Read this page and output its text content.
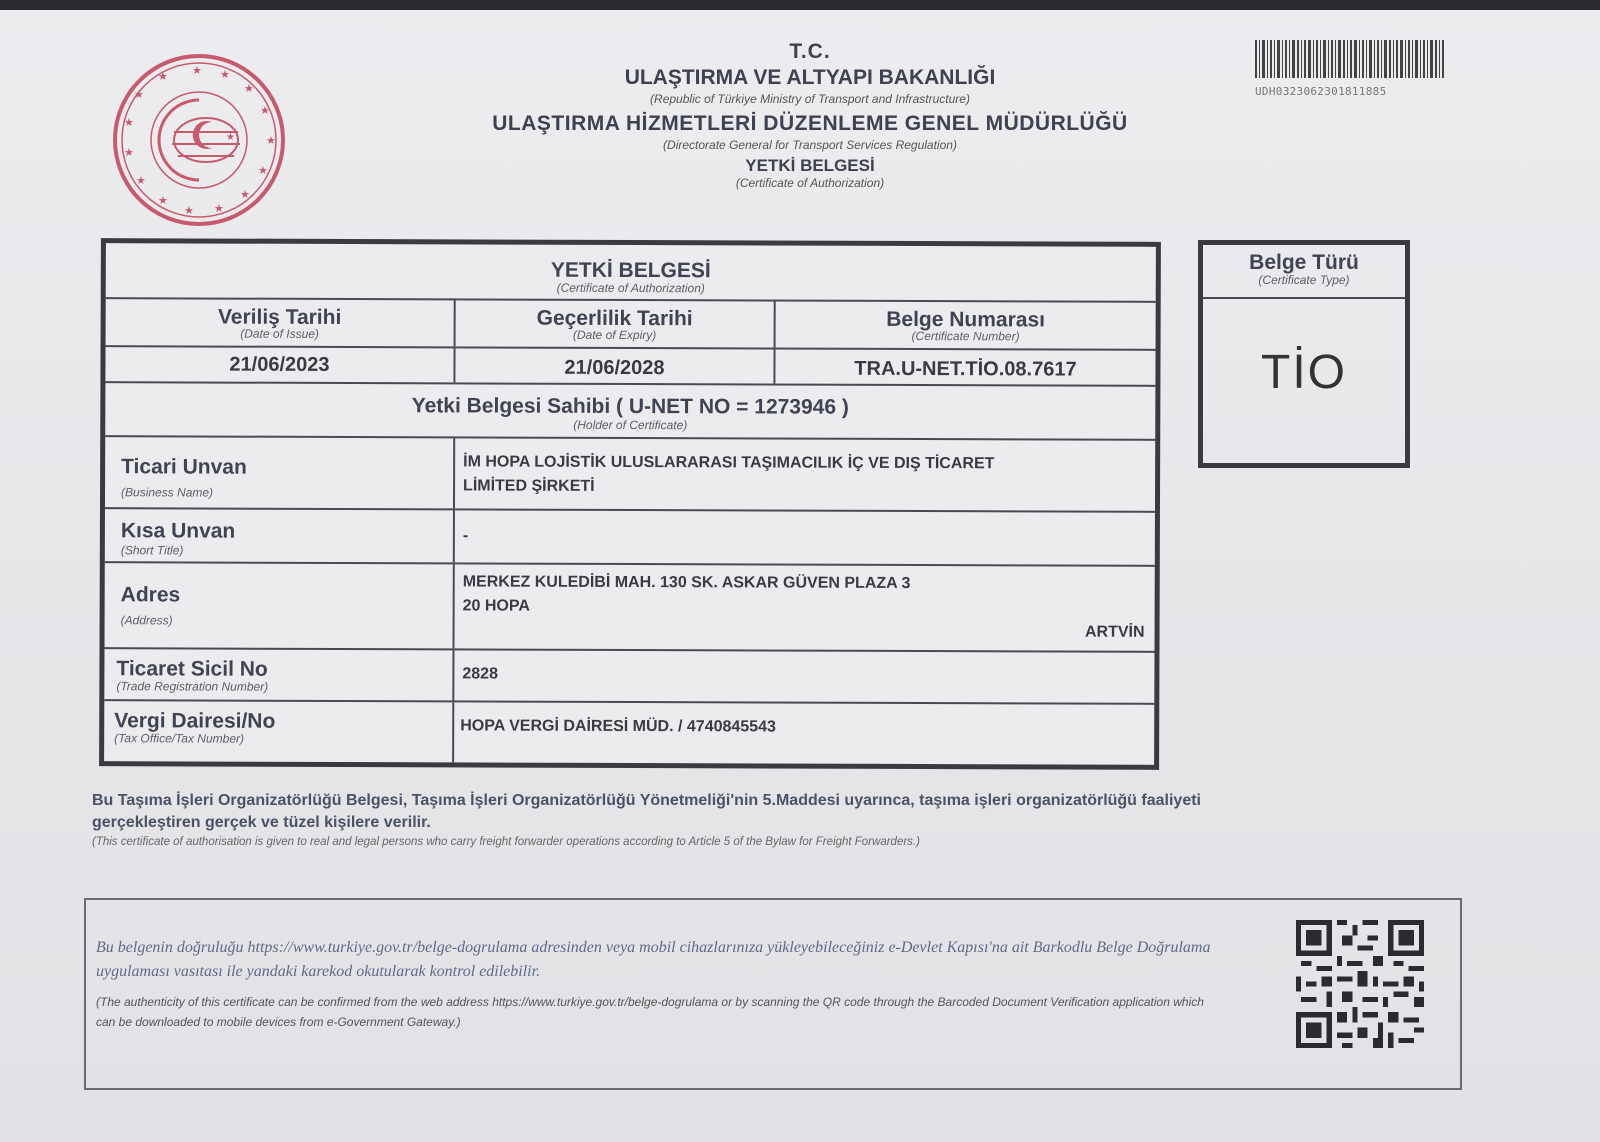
★ ★
★
★
★
★
★
★
★
★
★
★
★
★
★
★
T.C.
ULAŞTIRMA VE ALTYAPI BAKANLIĞI
(Republic of Türkiye Ministry of Transport and Infrastructure)
ULAŞTIRMA HİZMETLERİ DÜZENLEME GENEL MÜDÜRLÜĞÜ
(Directorate General for Transport Services Regulation)
YETKİ BELGESİ
(Certificate of Authorization)
UDH0323062301811885
YETKİ BELGESİ
(Certificate of Authorization)
Veriliş Tarihi
(Date of Issue)
Geçerlilik Tarihi
(Date of Expiry)
Belge Numarası
(Certificate Number)
21/06/2023	21/06/2028	TRA.U-NET.TİO.08.7617
Yetki Belgesi Sahibi ( U-NET NO = 1273946 )
(Holder of Certificate)
Ticari Unvan
(Business Name)
İM HOPA LOJİSTİK ULUSLARARASI TAŞIMACILIK İÇ VE DIŞ TİCARET
LİMİTED ŞİRKETİ
Kısa Unvan
(Short Title)
-
Adres
(Address)
MERKEZ KULEDİBİ MAH. 130 SK. ASKAR GÜVEN PLAZA 3
20 HOPA
ARTVİN
Ticaret Sicil No
(Trade Registration Number)
2828
Vergi Dairesi/No
(Tax Office/Tax Number)
HOPA VERGİ DAİRESİ MÜD. / 4740845543
Belge Türü
(Certificate Type)
TİO
Bu Taşıma İşleri Organizatörlüğü Belgesi, Taşıma İşleri Organizatörlüğü Yönetmeliği'nin 5.Maddesi uyarınca, taşıma işleri organizatörlüğü faaliyeti gerçekleştiren gerçek ve tüzel kişilere verilir.
(This certificate of authorisation is given to real and legal persons who carry freight forwarder operations according to Article 5 of the Bylaw for Freight Forwarders.)
Bu belgenin doğruluğu https://www.turkiye.gov.tr/belge-dogrulama adresinden veya mobil cihazlarınıza yükleyebileceğiniz e-Devlet Kapısı'na ait Barkodlu Belge Doğrulama uygulaması vasıtası ile yandaki karekod okutularak kontrol edilebilir.
(The authenticity of this certificate can be confirmed from the web address https://www.turkiye.gov.tr/belge-dogrulama or by scanning the QR code through the Barcoded Document Verification application which can be downloaded to mobile devices from e-Government Gateway.)
